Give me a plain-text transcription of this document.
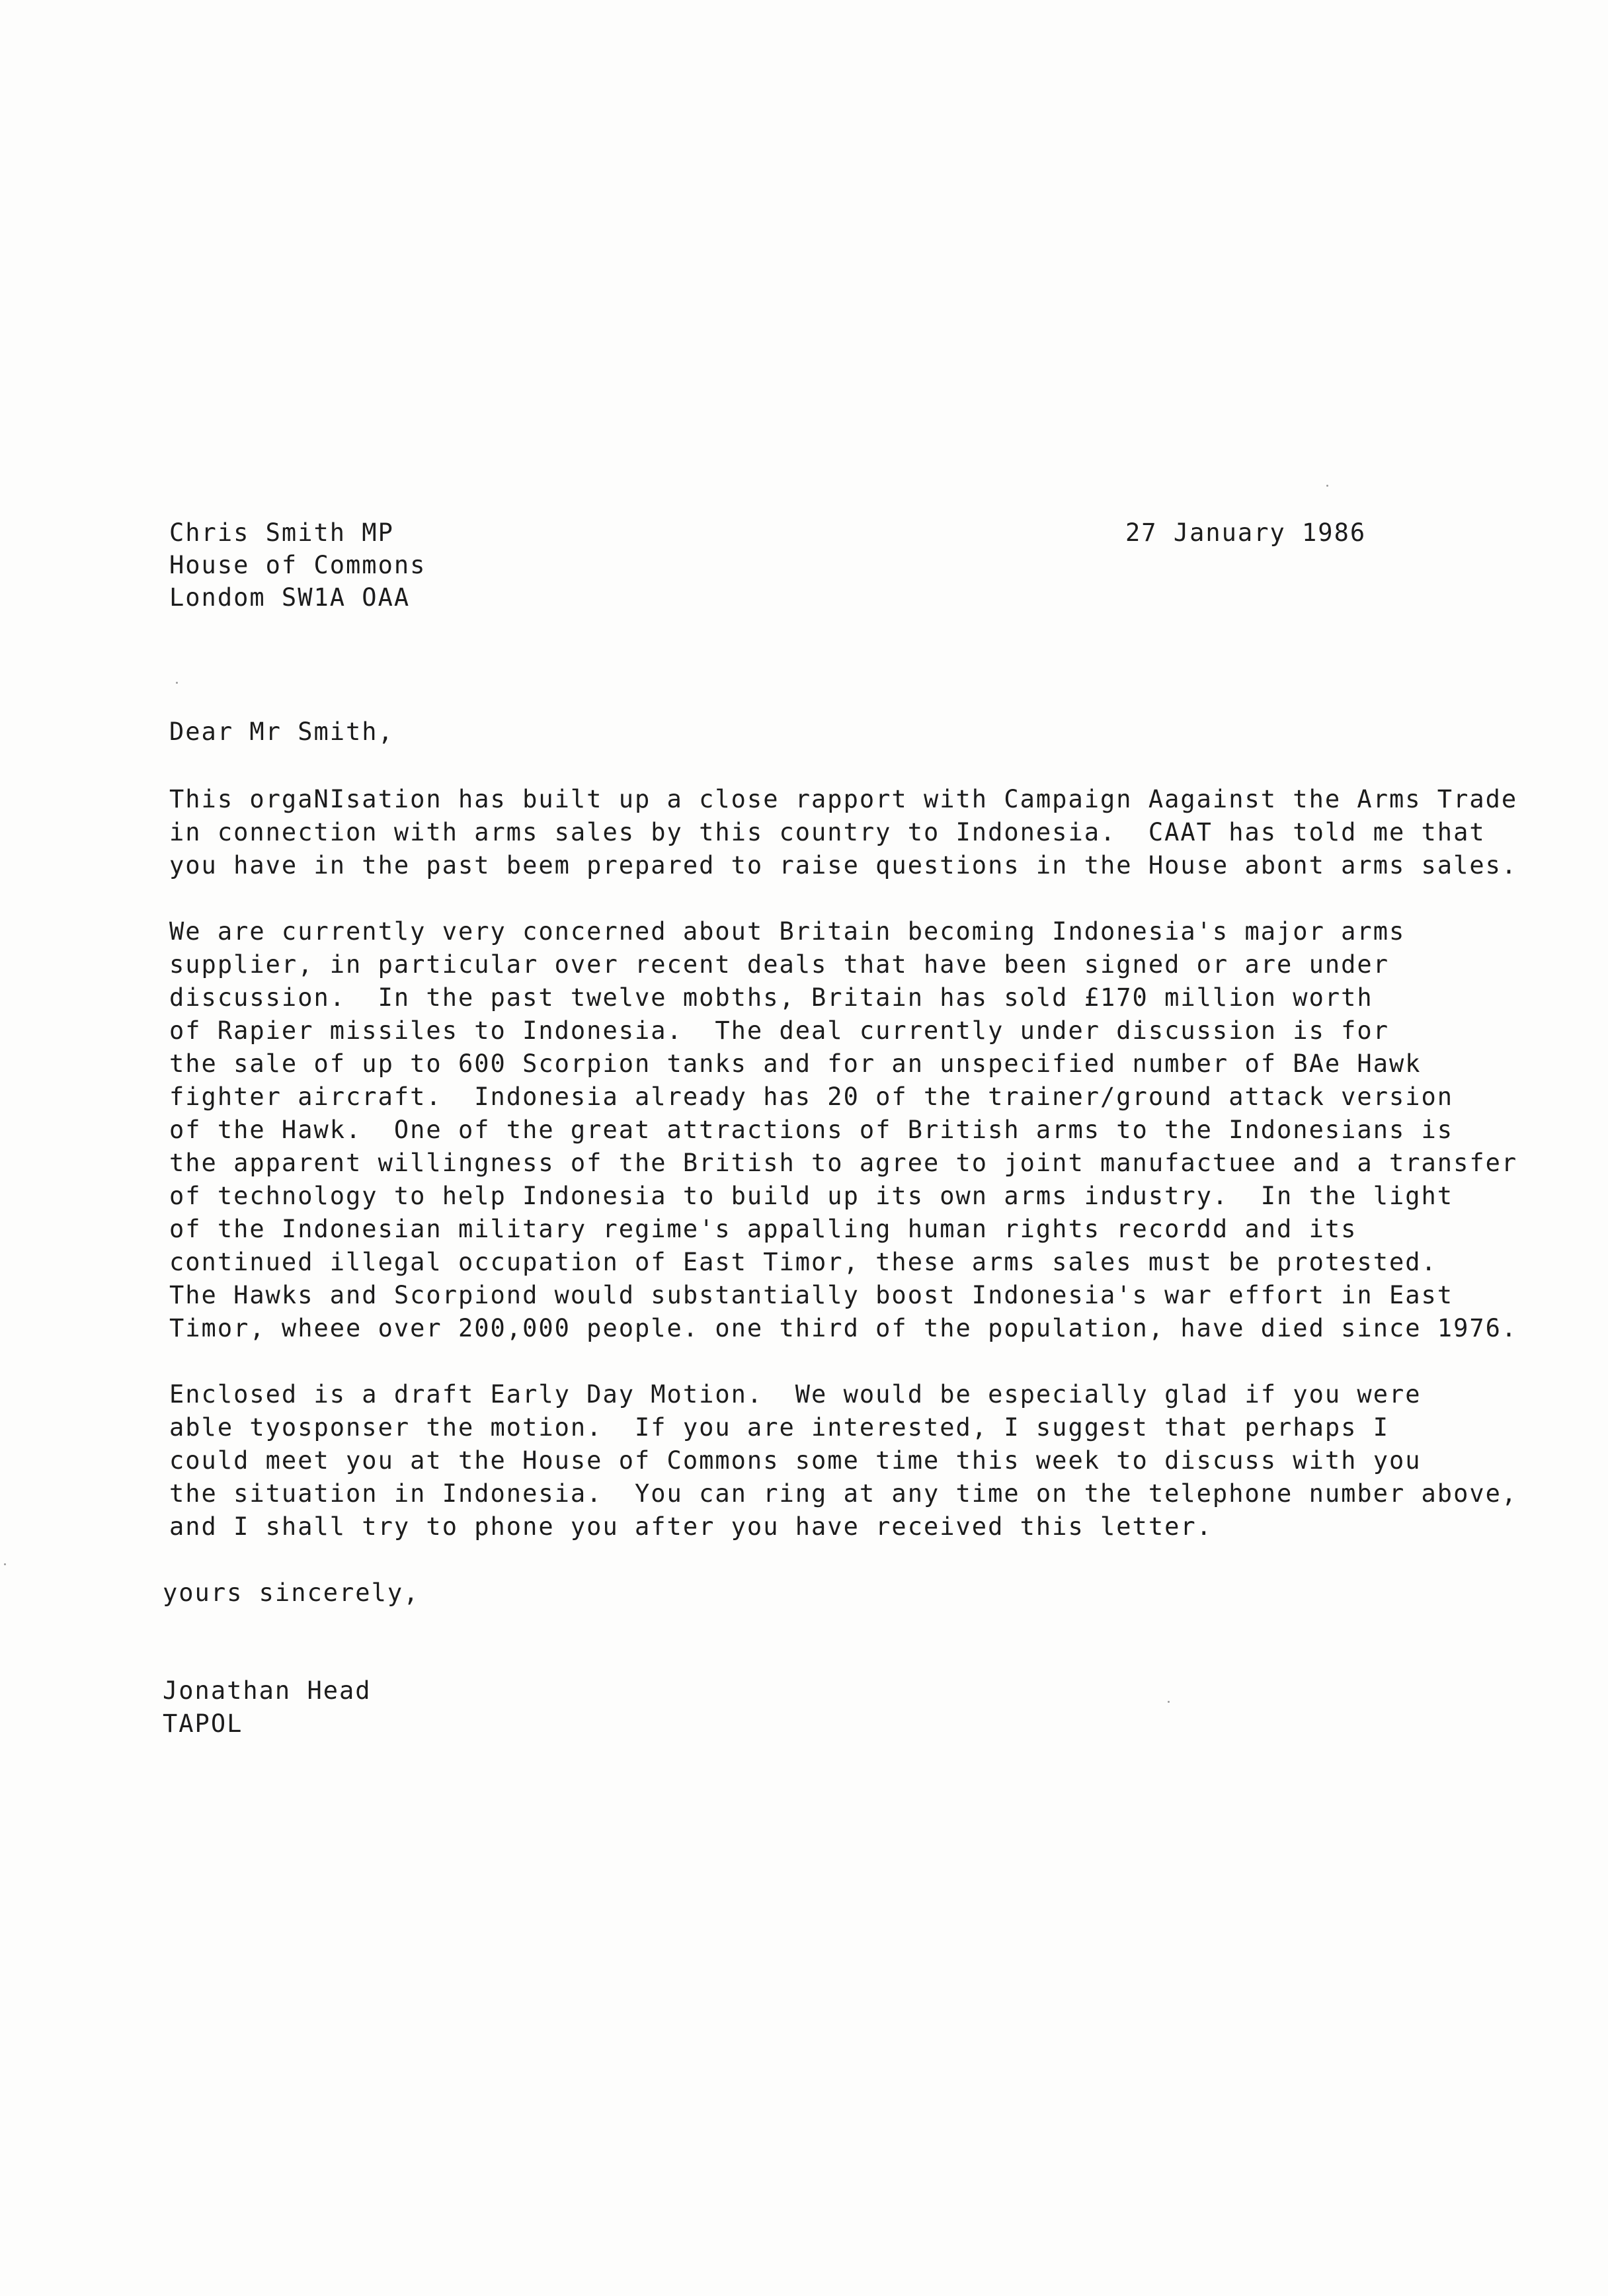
Chris Smith MP
House of Commons
Londom SW1A OAA
27 January 1986
Dear Mr Smith,
This orgaNIsation has built up a close rapport with Campaign Aagainst the Arms Trade
in connection with arms sales by this country to Indonesia.  CAAT has told me that
you have in the past beem prepared to raise questions in the House abont arms sales.
We are currently very concerned about Britain becoming Indonesia's major arms
supplier, in particular over recent deals that have been signed or are under
discussion.  In the past twelve mobths, Britain has sold £170 million worth
of Rapier missiles to Indonesia.  The deal currently under discussion is for
the sale of up to 600 Scorpion tanks and for an unspecified number of BAe Hawk
fighter aircraft.  Indonesia already has 20 of the trainer/ground attack version
of the Hawk.  One of the great attractions of British arms to the Indonesians is
the apparent willingness of the British to agree to joint manufactuee and a transfer
of technology to help Indonesia to build up its own arms industry.  In the light
of the Indonesian military regime's appalling human rights recordd and its
continued illegal occupation of East Timor, these arms sales must be protested.
The Hawks and Scorpiond would substantially boost Indonesia's war effort in East
Timor, wheee over 200,000 people. one third of the population, have died since 1976.
Enclosed is a draft Early Day Motion.  We would be especially glad if you were
able tyosponser the motion.  If you are interested, I suggest that perhaps I
could meet you at the House of Commons some time this week to discuss with you
the situation in Indonesia.  You can ring at any time on the telephone number above,
and I shall try to phone you after you have received this letter.
yours sincerely,
Jonathan Head
TAPOL
